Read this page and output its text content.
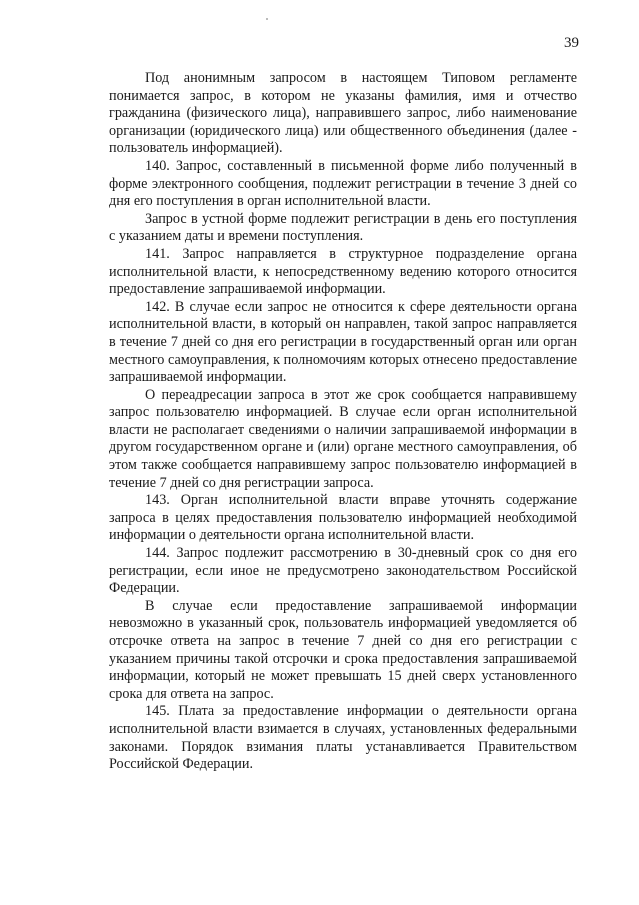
39

Под анонимным запросом в настоящем Типовом регламенте понимается запрос, в котором не указаны фамилия, имя и отчество гражданина (физического лица), направившего запрос, либо наименование организации (юридического лица) или общественного объединения (далее - пользователь информацией).

140. Запрос, составленный в письменной форме либо полученный в форме электронного сообщения, подлежит регистрации в течение 3 дней со дня его поступления в орган исполнительной власти.

Запрос в устной форме подлежит регистрации в день его поступления с указанием даты и времени поступления.

141. Запрос направляется в структурное подразделение органа исполнительной власти, к непосредственному ведению которого относится предоставление запрашиваемой информации.

142. В случае если запрос не относится к сфере деятельности органа исполнительной власти, в который он направлен, такой запрос направляется в течение 7 дней со дня его регистрации в государственный орган или орган местного самоуправления, к полномочиям которых отнесено предоставление запрашиваемой информации.

О переадресации запроса в этот же срок сообщается направившему запрос пользователю информацией. В случае если орган исполнительной власти не располагает сведениями о наличии запрашиваемой информации в другом государственном органе и (или) органе местного самоуправления, об этом также сообщается направившему запрос пользователю информацией в течение 7 дней со дня регистрации запроса.

143. Орган исполнительной власти вправе уточнять содержание запроса в целях предоставления пользователю информацией необходимой информации о деятельности органа исполнительной власти.

144. Запрос подлежит рассмотрению в 30-дневный срок со дня его регистрации, если иное не предусмотрено законодательством Российской Федерации.

В случае если предоставление запрашиваемой информации невозможно в указанный срок, пользователь информацией уведомляется об отсрочке ответа на запрос в течение 7 дней со дня его регистрации с указанием причины такой отсрочки и срока предоставления запрашиваемой информации, который не может превышать 15 дней сверх установленного срока для ответа на запрос.

145. Плата за предоставление информации о деятельности органа исполнительной власти взимается в случаях, установленных федеральными законами. Порядок взимания платы устанавливается Правительством Российской Федерации.
